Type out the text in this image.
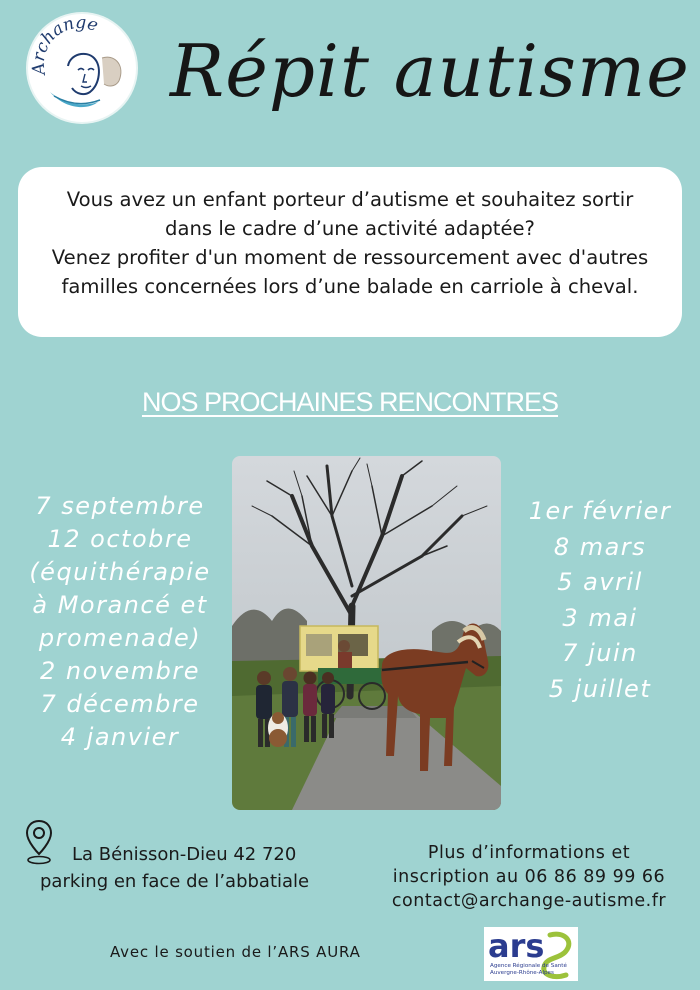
Archange
Répit autisme
Vous avez un enfant porteur d’autisme et souhaitez sortir
dans le cadre d’une activité adaptée?
Venez profiter d'un moment de ressourcement avec d'autres
familles concernées lors d’une balade en carriole à cheval.
NOS PROCHAINES RENCONTRES
7 septembre
12 octobre
(équithérapie
à Morancé et
promenade)
2 novembre
7 décembre
4 janvier
1er février
8 mars
5 avril
3 mai
7 juin
5 juillet
La Bénisson-Dieu 42 720
parking en face de l’abbatiale
Plus d’informations et
inscription au 06 86 89 99 66
contact@archange-autisme.fr
Avec le soutien de l’ARS AURA	ars
Agence Régionale de Santé
Auvergne-Rhône-Alpes
